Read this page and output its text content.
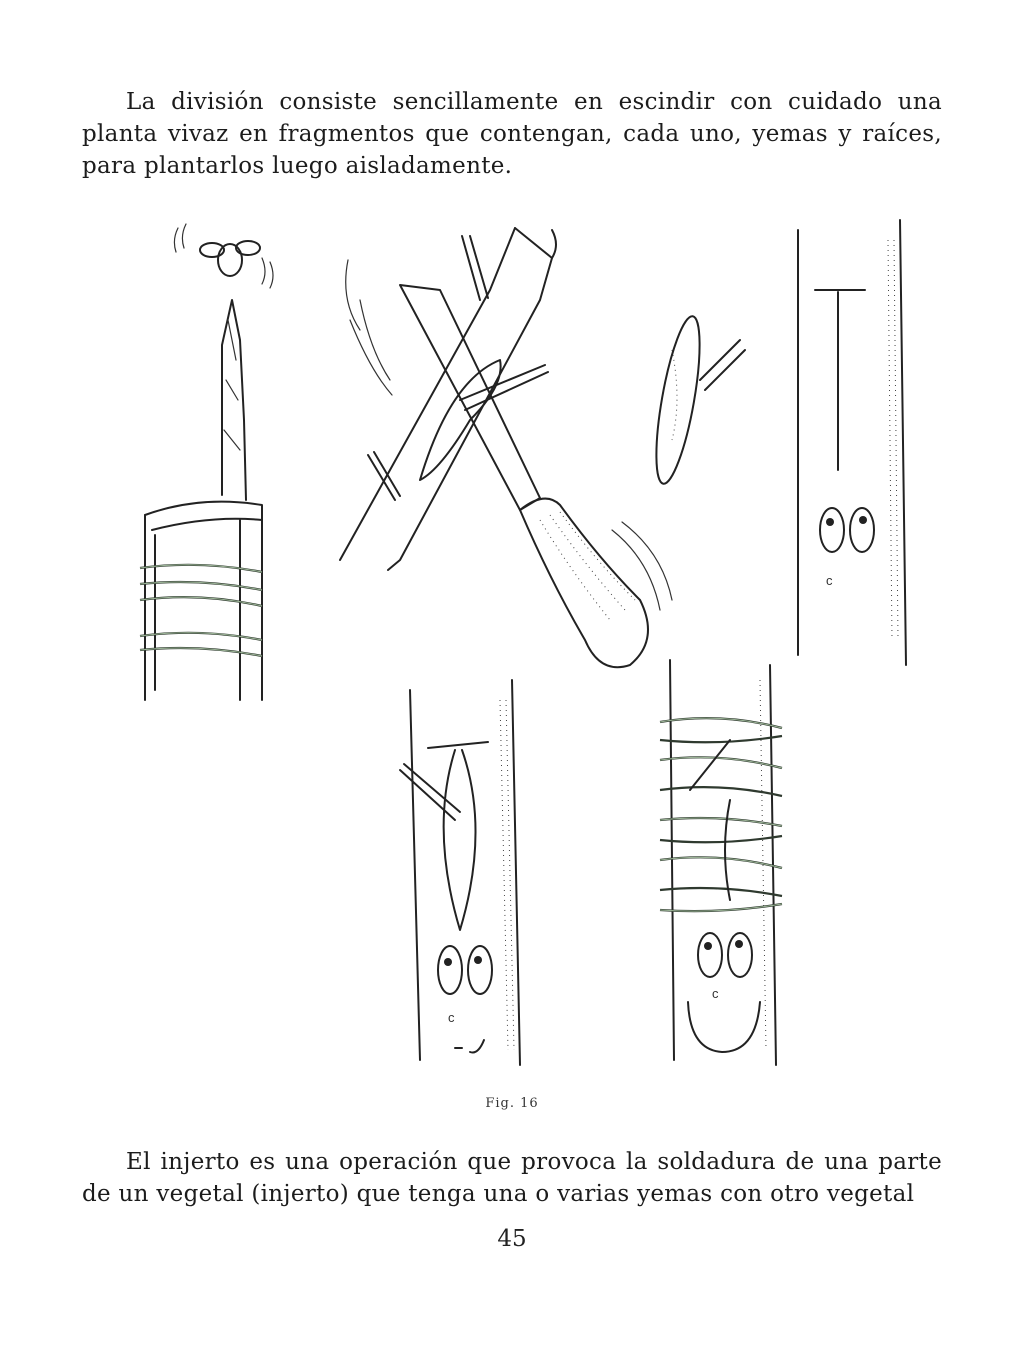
La división consiste sencillamente en escindir con cuidado una planta vivaz en fragmentos que contengan, cada uno, yemas y raíces, para plantarlos luego aisladamente.

c
c
c
Fig. 16

El injerto es una operación que provoca la soldadura de una parte de un vegetal (injerto) que tenga una o varias yemas con otro vegetal

45
